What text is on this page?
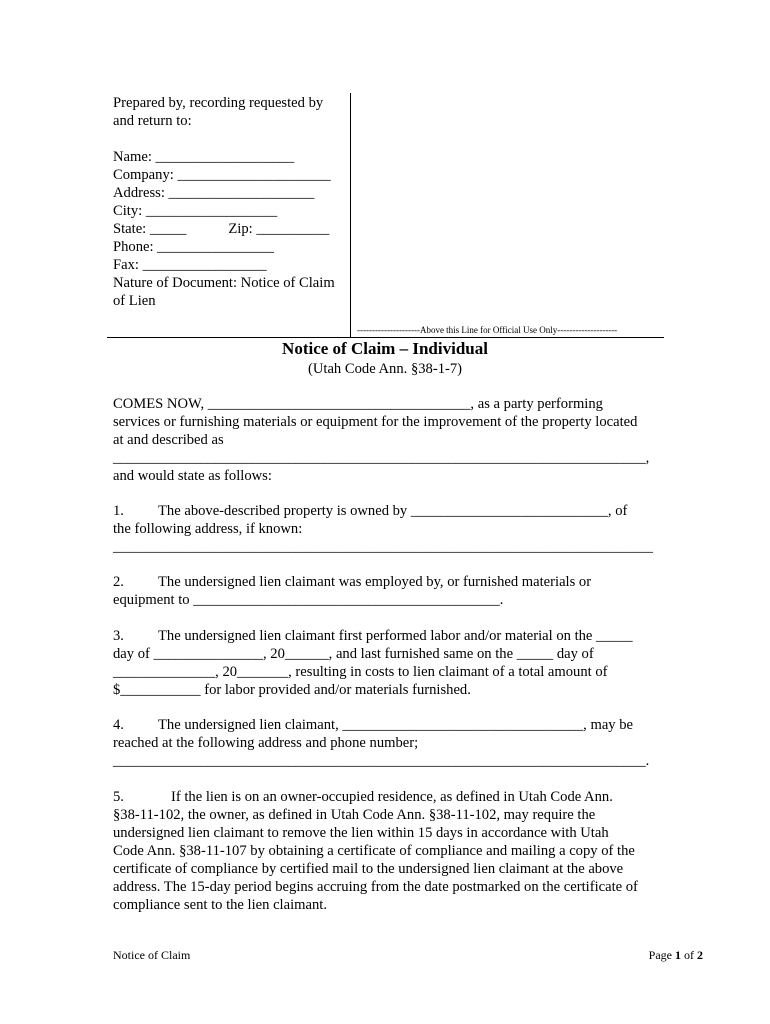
Prepared by, recording requested by
and return to:
Name: ___________________
Company: _____________________
Address: ____________________
City: __________________
State: _____	Zip: __________
Phone: ________________
Fax: _________________
Nature of Document: Notice of Claim
of Lien
---------------------Above this Line for Official Use Only--------------------
Notice of Claim – Individual
(Utah Code Ann. §38-1-7)
COMES NOW, ____________________________________, as a party performing
services or furnishing materials or equipment for the improvement of the property located
at and described as
_________________________________________________________________________,
and would state as follows:
1. The above-described property is owned by ___________________________, of
the following address, if known:
__________________________________________________________________________
2. The undersigned lien claimant was employed by, or furnished materials or
equipment to __________________________________________.
3. The undersigned lien claimant first performed labor and/or material on the _____
day of _______________, 20______, and last furnished same on the _____ day of
______________, 20_______, resulting in costs to lien claimant of a total amount of
$___________ for labor provided and/or materials furnished.
4. The undersigned lien claimant, _________________________________, may be
reached at the following address and phone number;
_________________________________________________________________________.
5.	If the lien is on an owner-occupied residence, as defined in Utah Code Ann.
§38-11-102, the owner, as defined in Utah Code Ann. §38-11-102, may require the
undersigned lien claimant to remove the lien within 15 days in accordance with Utah
Code Ann. §38-11-107 by obtaining a certificate of compliance and mailing a copy of the
certificate of compliance by certified mail to the undersigned lien claimant at the above
address. The 15-day period begins accruing from the date postmarked on the certificate of
compliance sent to the lien claimant.
Notice of Claim	Page 1 of 2
